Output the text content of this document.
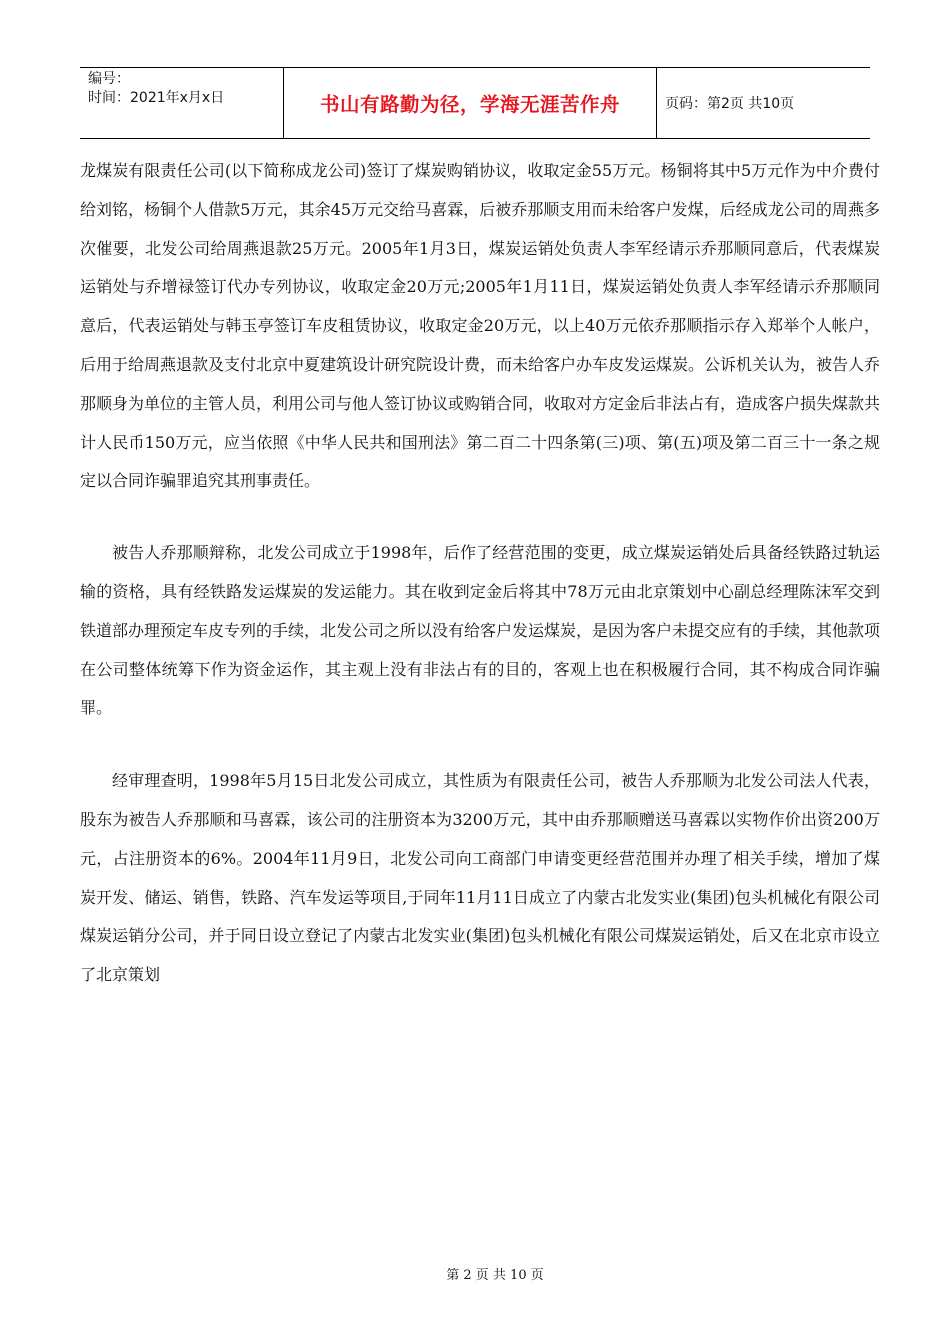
编号：
时间：2021年x月x日	书山有路勤为径，学海无涯苦作舟	页码：第2页 共10页

龙煤炭有限责任公司(以下简称成龙公司)签订了煤炭购销协议，收取定金55万元。杨铜将其中5万元作为中介费付给刘铭，杨铜个人借款5万元，其余45万元交给马喜霖，后被乔那顺支用而未给客户发煤，后经成龙公司的周燕多次催要，北发公司给周燕退款25万元。2005年1月3日，煤炭运销处负责人李军经请示乔那顺同意后，代表煤炭运销处与乔增禄签订代办专列协议，收取定金20万元;2005年1月11日，煤炭运销处负责人李军经请示乔那顺同意后，代表运销处与韩玉亭签订车皮租赁协议，收取定金20万元，以上40万元依乔那顺指示存入郑举个人帐户，后用于给周燕退款及支付北京中夏建筑设计研究院设计费，而未给客户办车皮发运煤炭。公诉机关认为，被告人乔那顺身为单位的主管人员，利用公司与他人签订协议或购销合同，收取对方定金后非法占有，造成客户损失煤款共计人民币150万元，应当依照《中华人民共和国刑法》第二百二十四条第(三)项、第(五)项及第二百三十一条之规定以合同诈骗罪追究其刑事责任。

被告人乔那顺辩称，北发公司成立于1998年，后作了经营范围的变更，成立煤炭运销处后具备经铁路过轨运输的资格，具有经铁路发运煤炭的发运能力。其在收到定金后将其中78万元由北京策划中心副总经理陈沫军交到铁道部办理预定车皮专列的手续，北发公司之所以没有给客户发运煤炭，是因为客户未提交应有的手续，其他款项在公司整体统筹下作为资金运作，其主观上没有非法占有的目的，客观上也在积极履行合同，其不构成合同诈骗罪。

经审理查明，1998年5月15日北发公司成立，其性质为有限责任公司，被告人乔那顺为北发公司法人代表，股东为被告人乔那顺和马喜霖，该公司的注册资本为3200万元，其中由乔那顺赠送马喜霖以实物作价出资200万元，占注册资本的6%。2004年11月9日，北发公司向工商部门申请变更经营范围并办理了相关手续，增加了煤炭开发、储运、销售，铁路、汽车发运等项目,于同年11月11日成立了内蒙古北发实业(集团)包头机械化有限公司煤炭运销分公司，并于同日设立登记了内蒙古北发实业(集团)包头机械化有限公司煤炭运销处，后又在北京市设立了北京策划

第 2 页 共 10 页
